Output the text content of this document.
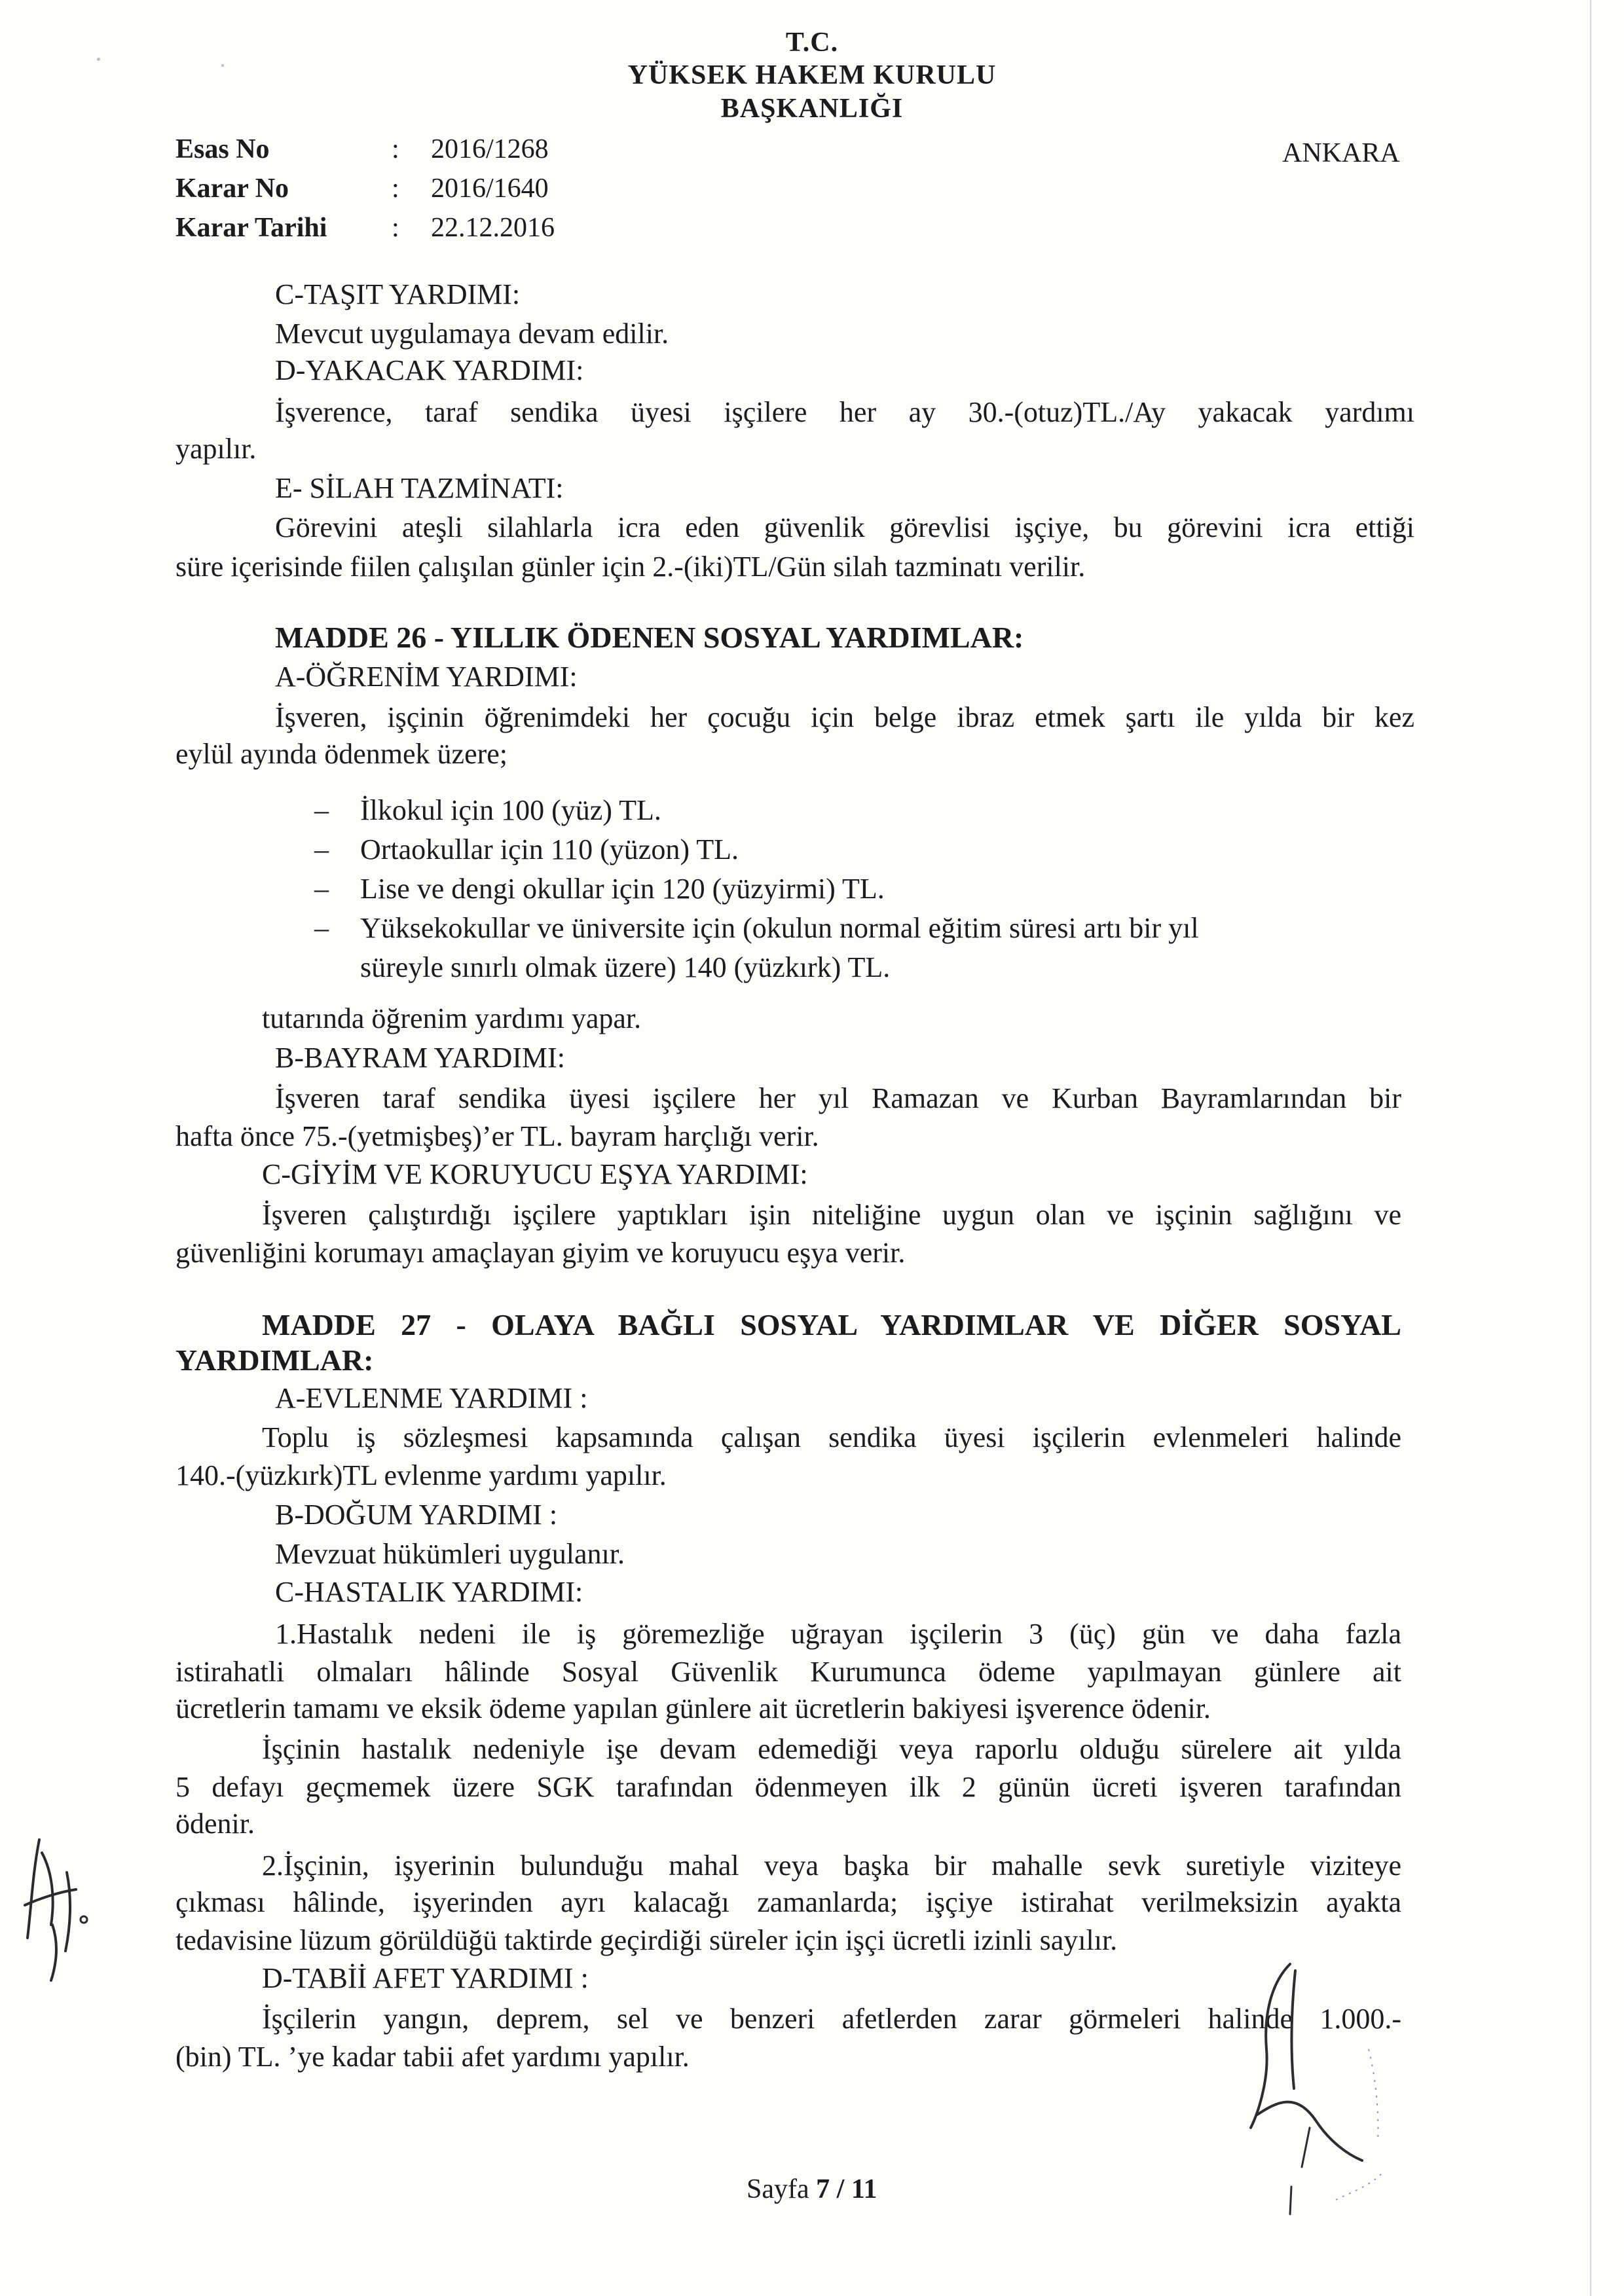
T.C.
YÜKSEK HAKEM KURULU
BAŞKANLIĞI
ANKARA
Esas No	: 2016/1268
Karar No	: 2016/1640
Karar Tarihi : 22.12.2016
C-TAŞIT YARDIMI:
Mevcut uygulamaya devam edilir.
D-YAKACAK YARDIMI:
İşverence, taraf sendika üyesi işçilere her ay 30.-(otuz)TL./Ay yakacak yardımı
yapılır.
E- SİLAH TAZMİNATI:
Görevini ateşli silahlarla icra eden güvenlik görevlisi işçiye, bu görevini icra ettiği
süre içerisinde fiilen çalışılan günler için 2.-(iki)TL/Gün silah tazminatı verilir.
MADDE 26 - YILLIK ÖDENEN SOSYAL YARDIMLAR:
A-ÖĞRENİM YARDIMI:
İşveren, işçinin öğrenimdeki her çocuğu için belge ibraz etmek şartı ile yılda bir kez
eylül ayında ödenmek üzere;
– İlkokul için 100 (yüz) TL.
– Ortaokullar için 110 (yüzon) TL.
– Lise ve dengi okullar için 120 (yüzyirmi) TL.
– Yüksekokullar ve üniversite için (okulun normal eğitim süresi artı bir yıl
süreyle sınırlı olmak üzere) 140 (yüzkırk) TL.
tutarında öğrenim yardımı yapar.
B-BAYRAM YARDIMI:
İşveren taraf sendika üyesi işçilere her yıl Ramazan ve Kurban Bayramlarından bir
hafta önce 75.-(yetmişbeş)’er TL. bayram harçlığı verir.
C-GİYİM VE KORUYUCU EŞYA YARDIMI:
İşveren çalıştırdığı işçilere yaptıkları işin niteliğine uygun olan ve işçinin sağlığını ve
güvenliğini korumayı amaçlayan giyim ve koruyucu eşya verir.
MADDE 27 - OLAYA BAĞLI SOSYAL YARDIMLAR VE DİĞER SOSYAL
YARDIMLAR:
A-EVLENME YARDIMI :
Toplu iş sözleşmesi kapsamında çalışan sendika üyesi işçilerin evlenmeleri halinde
140.-(yüzkırk)TL evlenme yardımı yapılır.
B-DOĞUM YARDIMI :
Mevzuat hükümleri uygulanır.
C-HASTALIK YARDIMI:
1.Hastalık nedeni ile iş göremezliğe uğrayan işçilerin 3 (üç) gün ve daha fazla
istirahatli olmaları hâlinde Sosyal Güvenlik Kurumunca ödeme yapılmayan günlere ait
ücretlerin tamamı ve eksik ödeme yapılan günlere ait ücretlerin bakiyesi işverence ödenir.
İşçinin hastalık nedeniyle işe devam edemediği veya raporlu olduğu sürelere ait yılda
5 defayı geçmemek üzere SGK tarafından ödenmeyen ilk 2 günün ücreti işveren tarafından
ödenir.
2.İşçinin, işyerinin bulunduğu mahal veya başka bir mahalle sevk suretiyle viziteye
çıkması hâlinde, işyerinden ayrı kalacağı zamanlarda; işçiye istirahat verilmeksizin ayakta
tedavisine lüzum görüldüğü taktirde geçirdiği süreler için işçi ücretli izinli sayılır.
D-TABİİ AFET YARDIMI :
İşçilerin yangın, deprem, sel ve benzeri afetlerden zarar görmeleri halinde 1.000.-
(bin) TL. ’ye kadar tabii afet yardımı yapılır.
Sayfa 7 / 11
